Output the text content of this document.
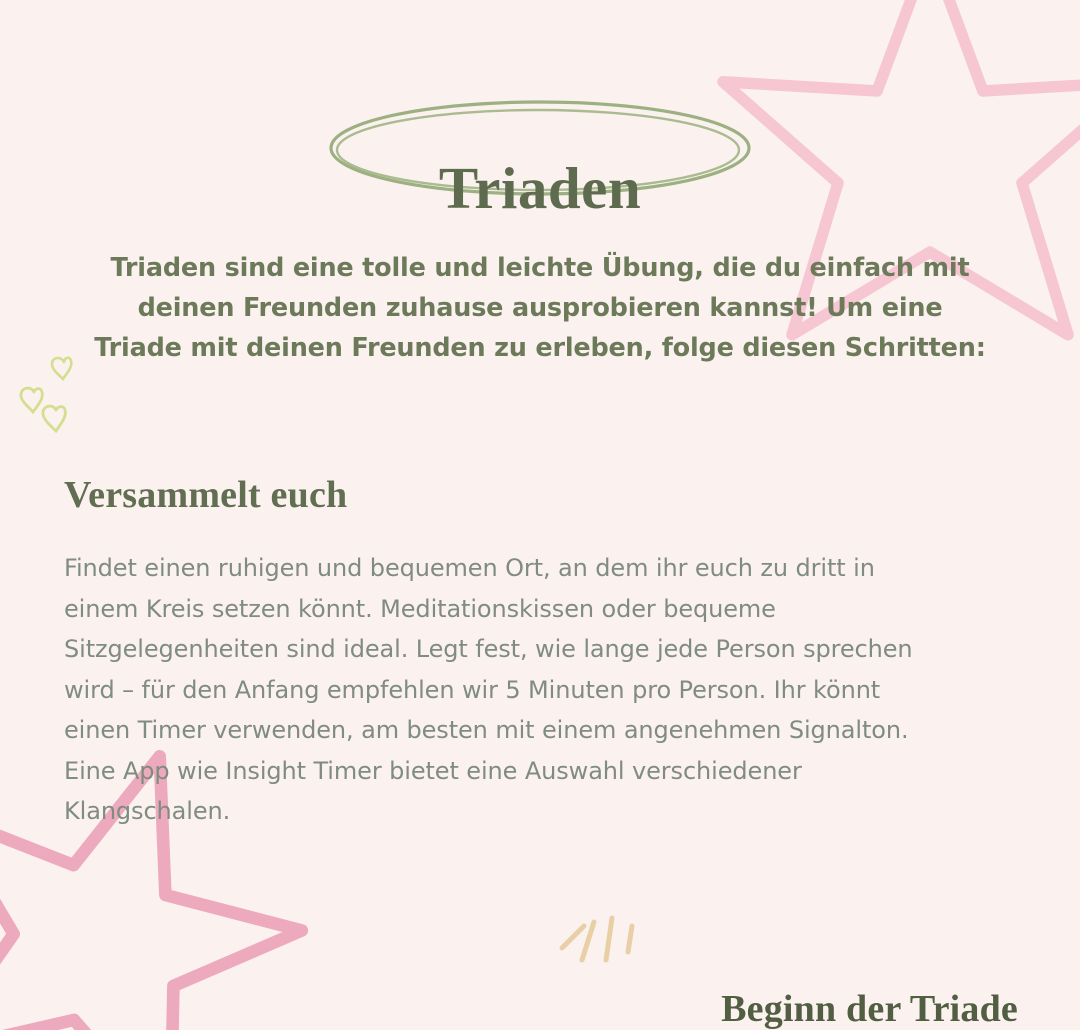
Triaden

Triaden sind eine tolle und leichte Übung, die du einfach mit deinen Freunden zuhause ausprobieren kannst! Um eine Triade mit deinen Freunden zu erleben, folge diesen Schritten:

Versammelt euch

Findet einen ruhigen und bequemen Ort, an dem ihr euch zu dritt in einem Kreis setzen könnt. Meditationskissen oder bequeme Sitzgelegenheiten sind ideal. Legt fest, wie lange jede Person sprechen wird – für den Anfang empfehlen wir 5 Minuten pro Person. Ihr könnt einen Timer verwenden, am besten mit einem angenehmen Signalton. Eine App wie Insight Timer bietet eine Auswahl verschiedener Klangschalen.

Beginn der Triade
